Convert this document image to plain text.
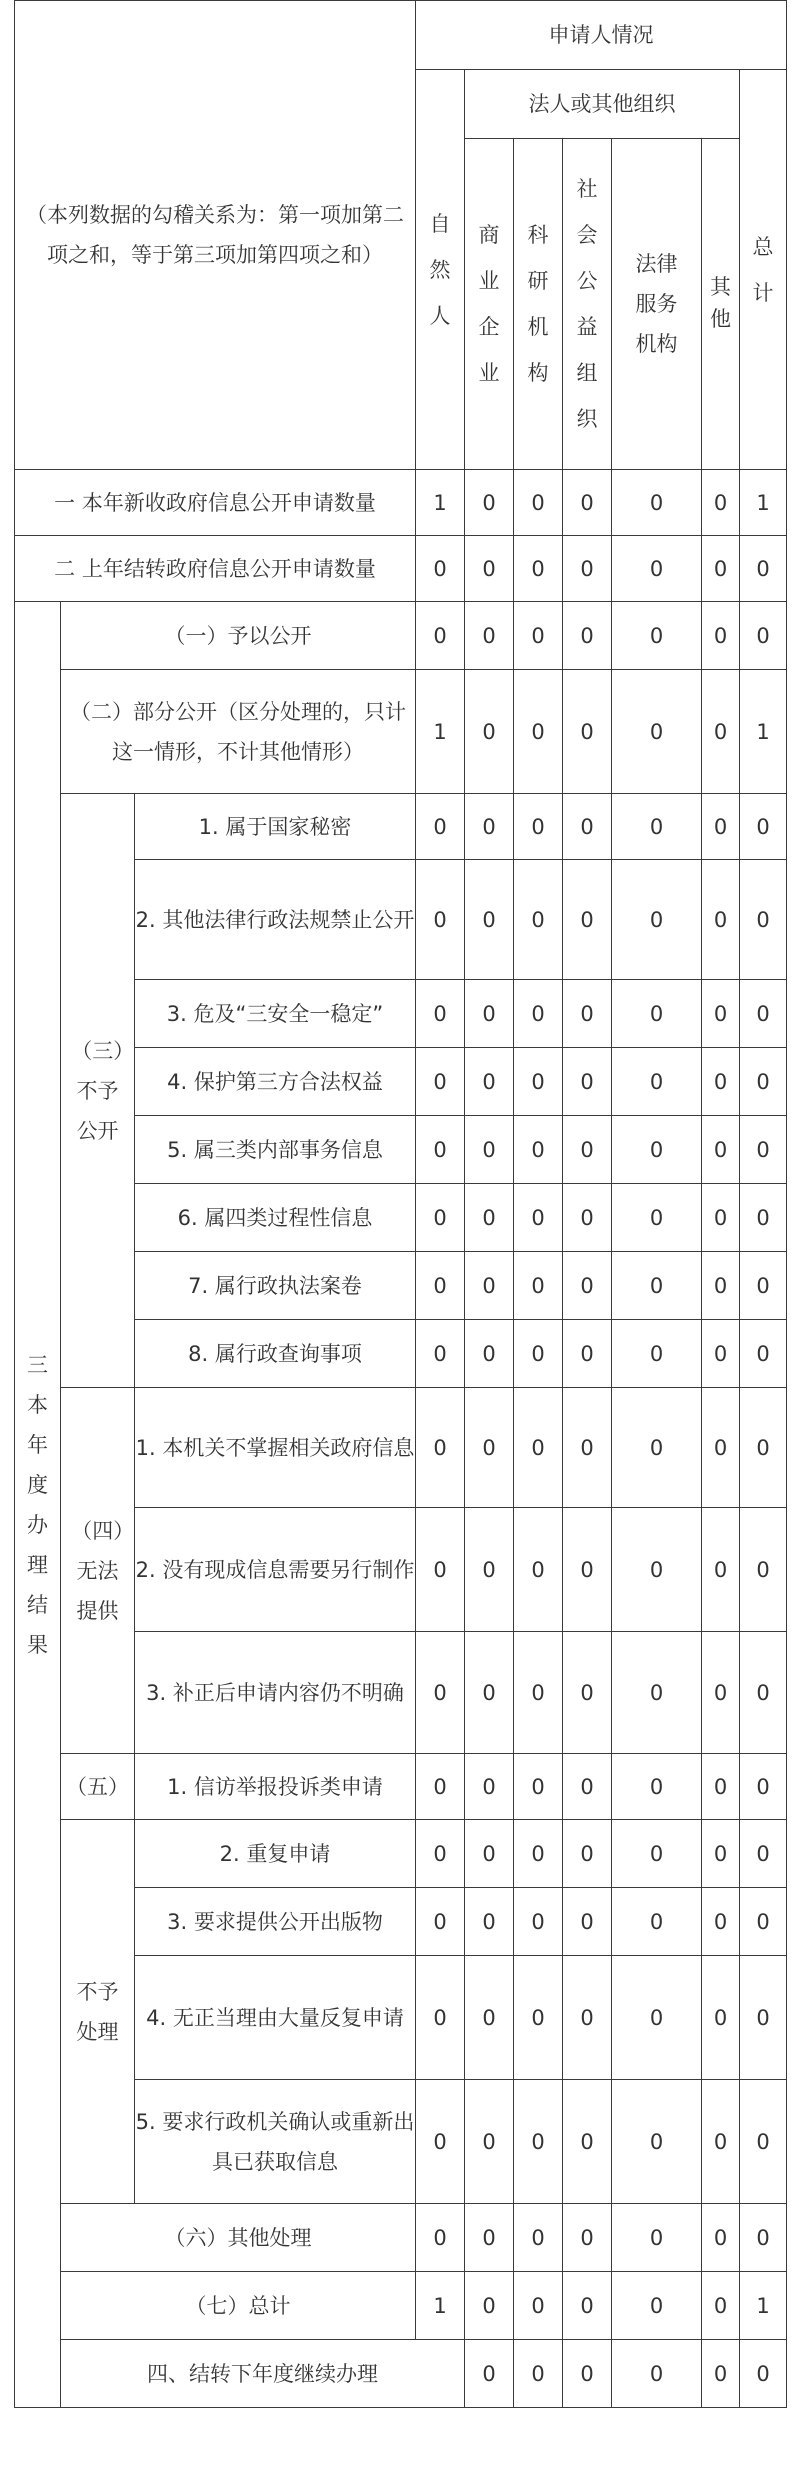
（本列数据的勾稽关系为：第一项加第二项之和，等于第三项加第四项之和）			申请人情况							
			自然人	法人或其他组织					总计	
				商业企业	科研机构	社会公益组织	法律服务机构	其他		
一 本年新收政府信息公开申请数量			1	0	0	0	0	0	1	
二 上年结转政府信息公开申请数量			0	0	0	0	0	0	0	
三本年度办理结果	（一）予以公开		0	0	0	0	0	0	0	

	（二）部分公开（区分处理的，只计这一情形，不计其他情形）		1	0	0	0	0	0	1	

	（三）不予公开	1. 属于国家秘密	0	0	0	0	0	0	0	

		2. 其他法律行政法规禁止公开	0	0	0	0	0	0	0	
		3. 危及“三安全一稳定”	0	0	0	0	0	0	0	
		4. 保护第三方合法权益	0	0	0	0	0	0	0	
		5. 属三类内部事务信息	0	0	0	0	0	0	0	
		6. 属四类过程性信息	0	0	0	0	0	0	0	
		7. 属行政执法案卷	0	0	0	0	0	0	0	
		8. 属行政查询事项	0	0	0	0	0	0	0	

	（四）无法提供	1. 本机关不掌握相关政府信息	0	0	0	0	0	0	0	

		2. 没有现成信息需要另行制作	0	0	0	0	0	0	0	

		3. 补正后申请内容仍不明确	0	0	0	0	0	0	0	
	（五）	1. 信访举报投诉类申请	0	0	0	0	0	0	0	
	不予处理	2. 重复申请	0	0	0	0	0	0	0	
		3. 要求提供公开出版物	0	0	0	0	0	0	0	

		4. 无正当理由大量反复申请	0	0	0	0	0	0	0	

		5. 要求行政机关确认或重新出具已获取信息	0	0	0	0	0	0	0	
	（六）其他处理		0	0	0	0	0	0	0	
	（七）总计		1	0	0	0	0	0	1	
	四、结转下年度继续办理			0	0	0	0	0	0	
